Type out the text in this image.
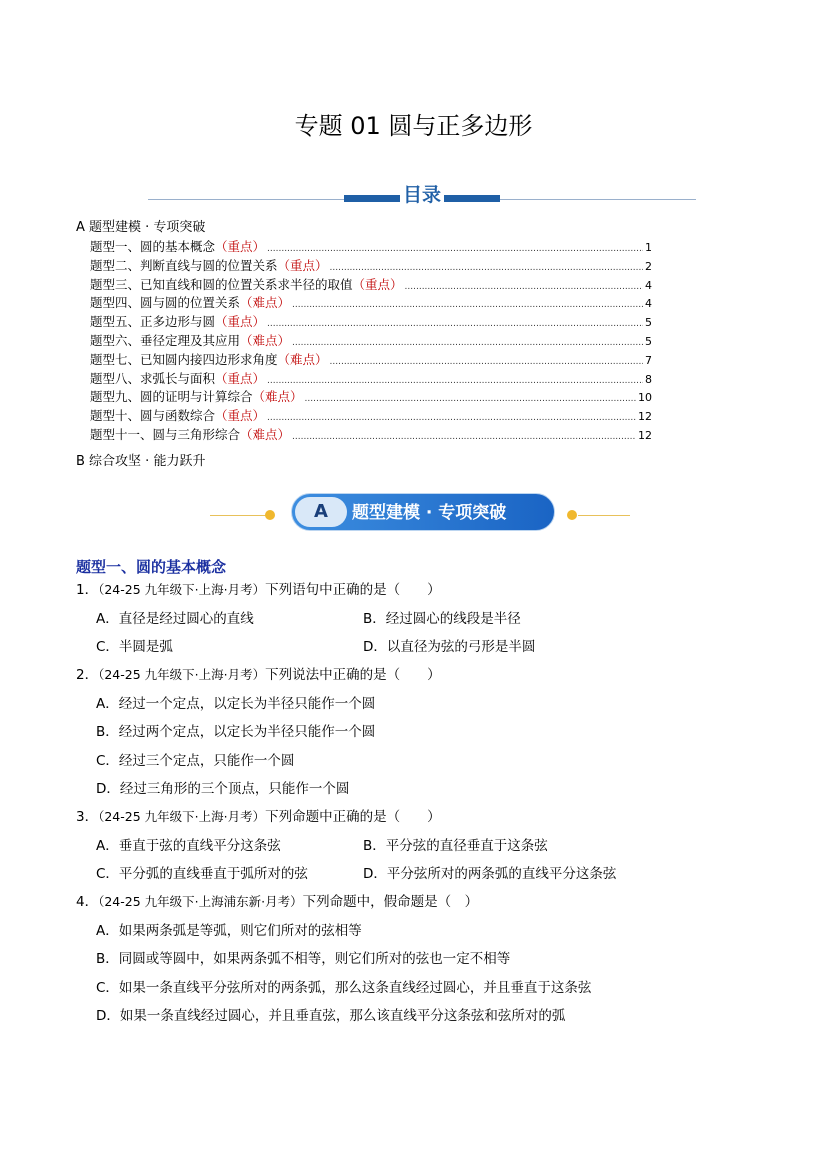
专题 01 圆与正多边形
目录
A 题型建模 · 专项突破
题型一、圆的基本概念 （重点） .....	1
题型二、判断直线与圆的位置关系 （重点） .....	2
题型三、已知直线和圆的位置关系求半径的取值 （重点） .....	4
题型四、圆与圆的位置关系 （难点） .....	4
题型五、正多边形与圆 （重点） .....	5
题型六、垂径定理及其应用 （难点） .....	5
题型七、已知圆内接四边形求角度 （难点） .....	7
题型八、求弧长与面积 （重点） .....	8
题型九、圆的证明与计算综合 （难点） .....	10
题型十、圆与函数综合 （重点） .....	12
题型十一、圆与三角形综合 （难点） .....	12
B 综合攻坚 · 能力跃升
A	题型建模 · 专项突破
题型一、圆的基本概念
1．（24-25 九年级下·上海·月考）下列语句中正确的是（　　）
A．直径是经过圆心的直线	B．经过圆心的线段是半径
C．半圆是弧	D．以直径为弦的弓形是半圆
2．（24-25 九年级下·上海·月考）下列说法中正确的是（　　）
A．经过一个定点，以定长为半径只能作一个圆
B．经过两个定点，以定长为半径只能作一个圆
C．经过三个定点，只能作一个圆
D．经过三角形的三个顶点，只能作一个圆
3．（24-25 九年级下·上海·月考）下列命题中正确的是（　　）
A．垂直于弦的直线平分这条弦	B．平分弦的直径垂直于这条弦
C．平分弧的直线垂直于弧所对的弦	D．平分弦所对的两条弧的直线平分这条弦
4．（24-25 九年级下·上海浦东新·月考）下列命题中，假命题是（　）
A．如果两条弧是等弧，则它们所对的弦相等
B．同圆或等圆中，如果两条弧不相等，则它们所对的弦也一定不相等
C．如果一条直线平分弦所对的两条弧，那么这条直线经过圆心，并且垂直于这条弦
D．如果一条直线经过圆心，并且垂直弦，那么该直线平分这条弦和弦所对的弧
